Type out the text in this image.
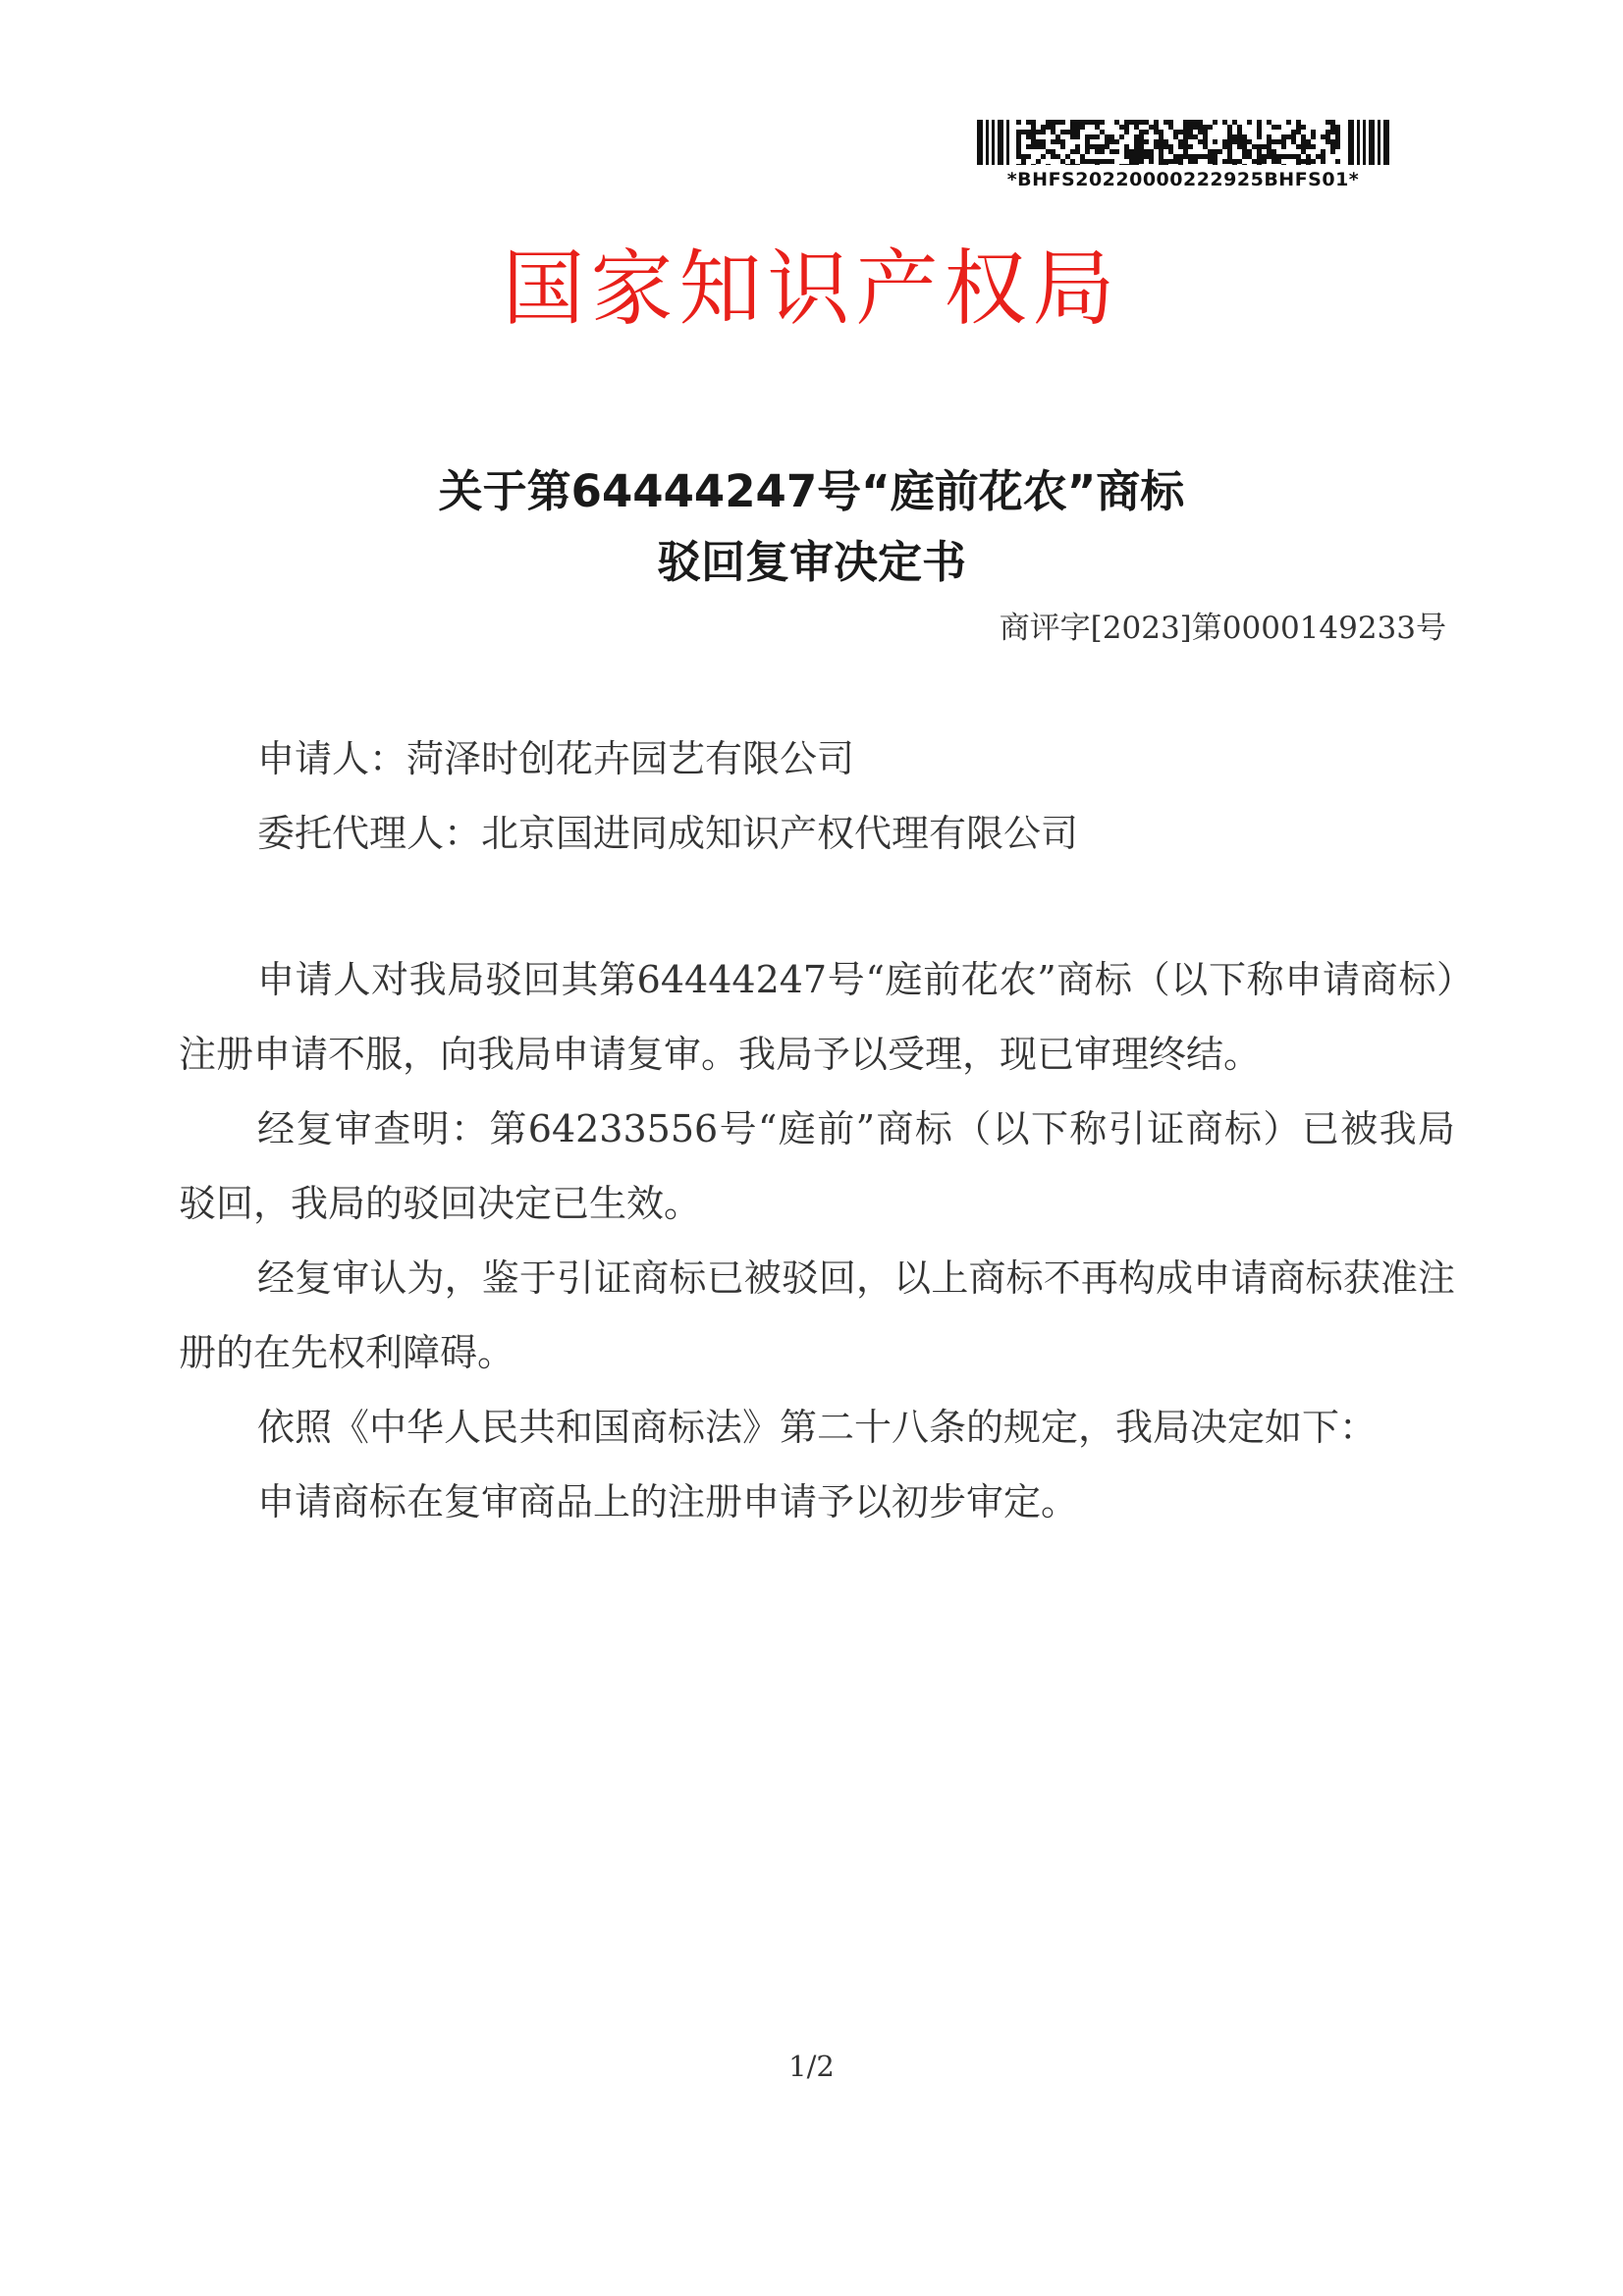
*BHFS20220000222925BHFS01*
国家知识产权局
关于第64444247号“庭前花农”商标
驳回复审决定书
商评字[2023]第0000149233号
申请人：菏泽时创花卉园艺有限公司
委托代理人：北京国进同成知识产权代理有限公司

申请人对我局驳回其第64444247号“庭前花农”商标（以下称申请商标）注册申请不服，向我局申请复审。我局予以受理，现已审理终结。

经复审查明：第64233556号“庭前”商标（以下称引证商标）已被我局驳回，我局的驳回决定已生效。

经复审认为，鉴于引证商标已被驳回，以上商标不再构成申请商标获准注册的在先权利障碍。

依照《中华人民共和国商标法》第二十八条的规定，我局决定如下：

申请商标在复审商品上的注册申请予以初步审定。

1/2
